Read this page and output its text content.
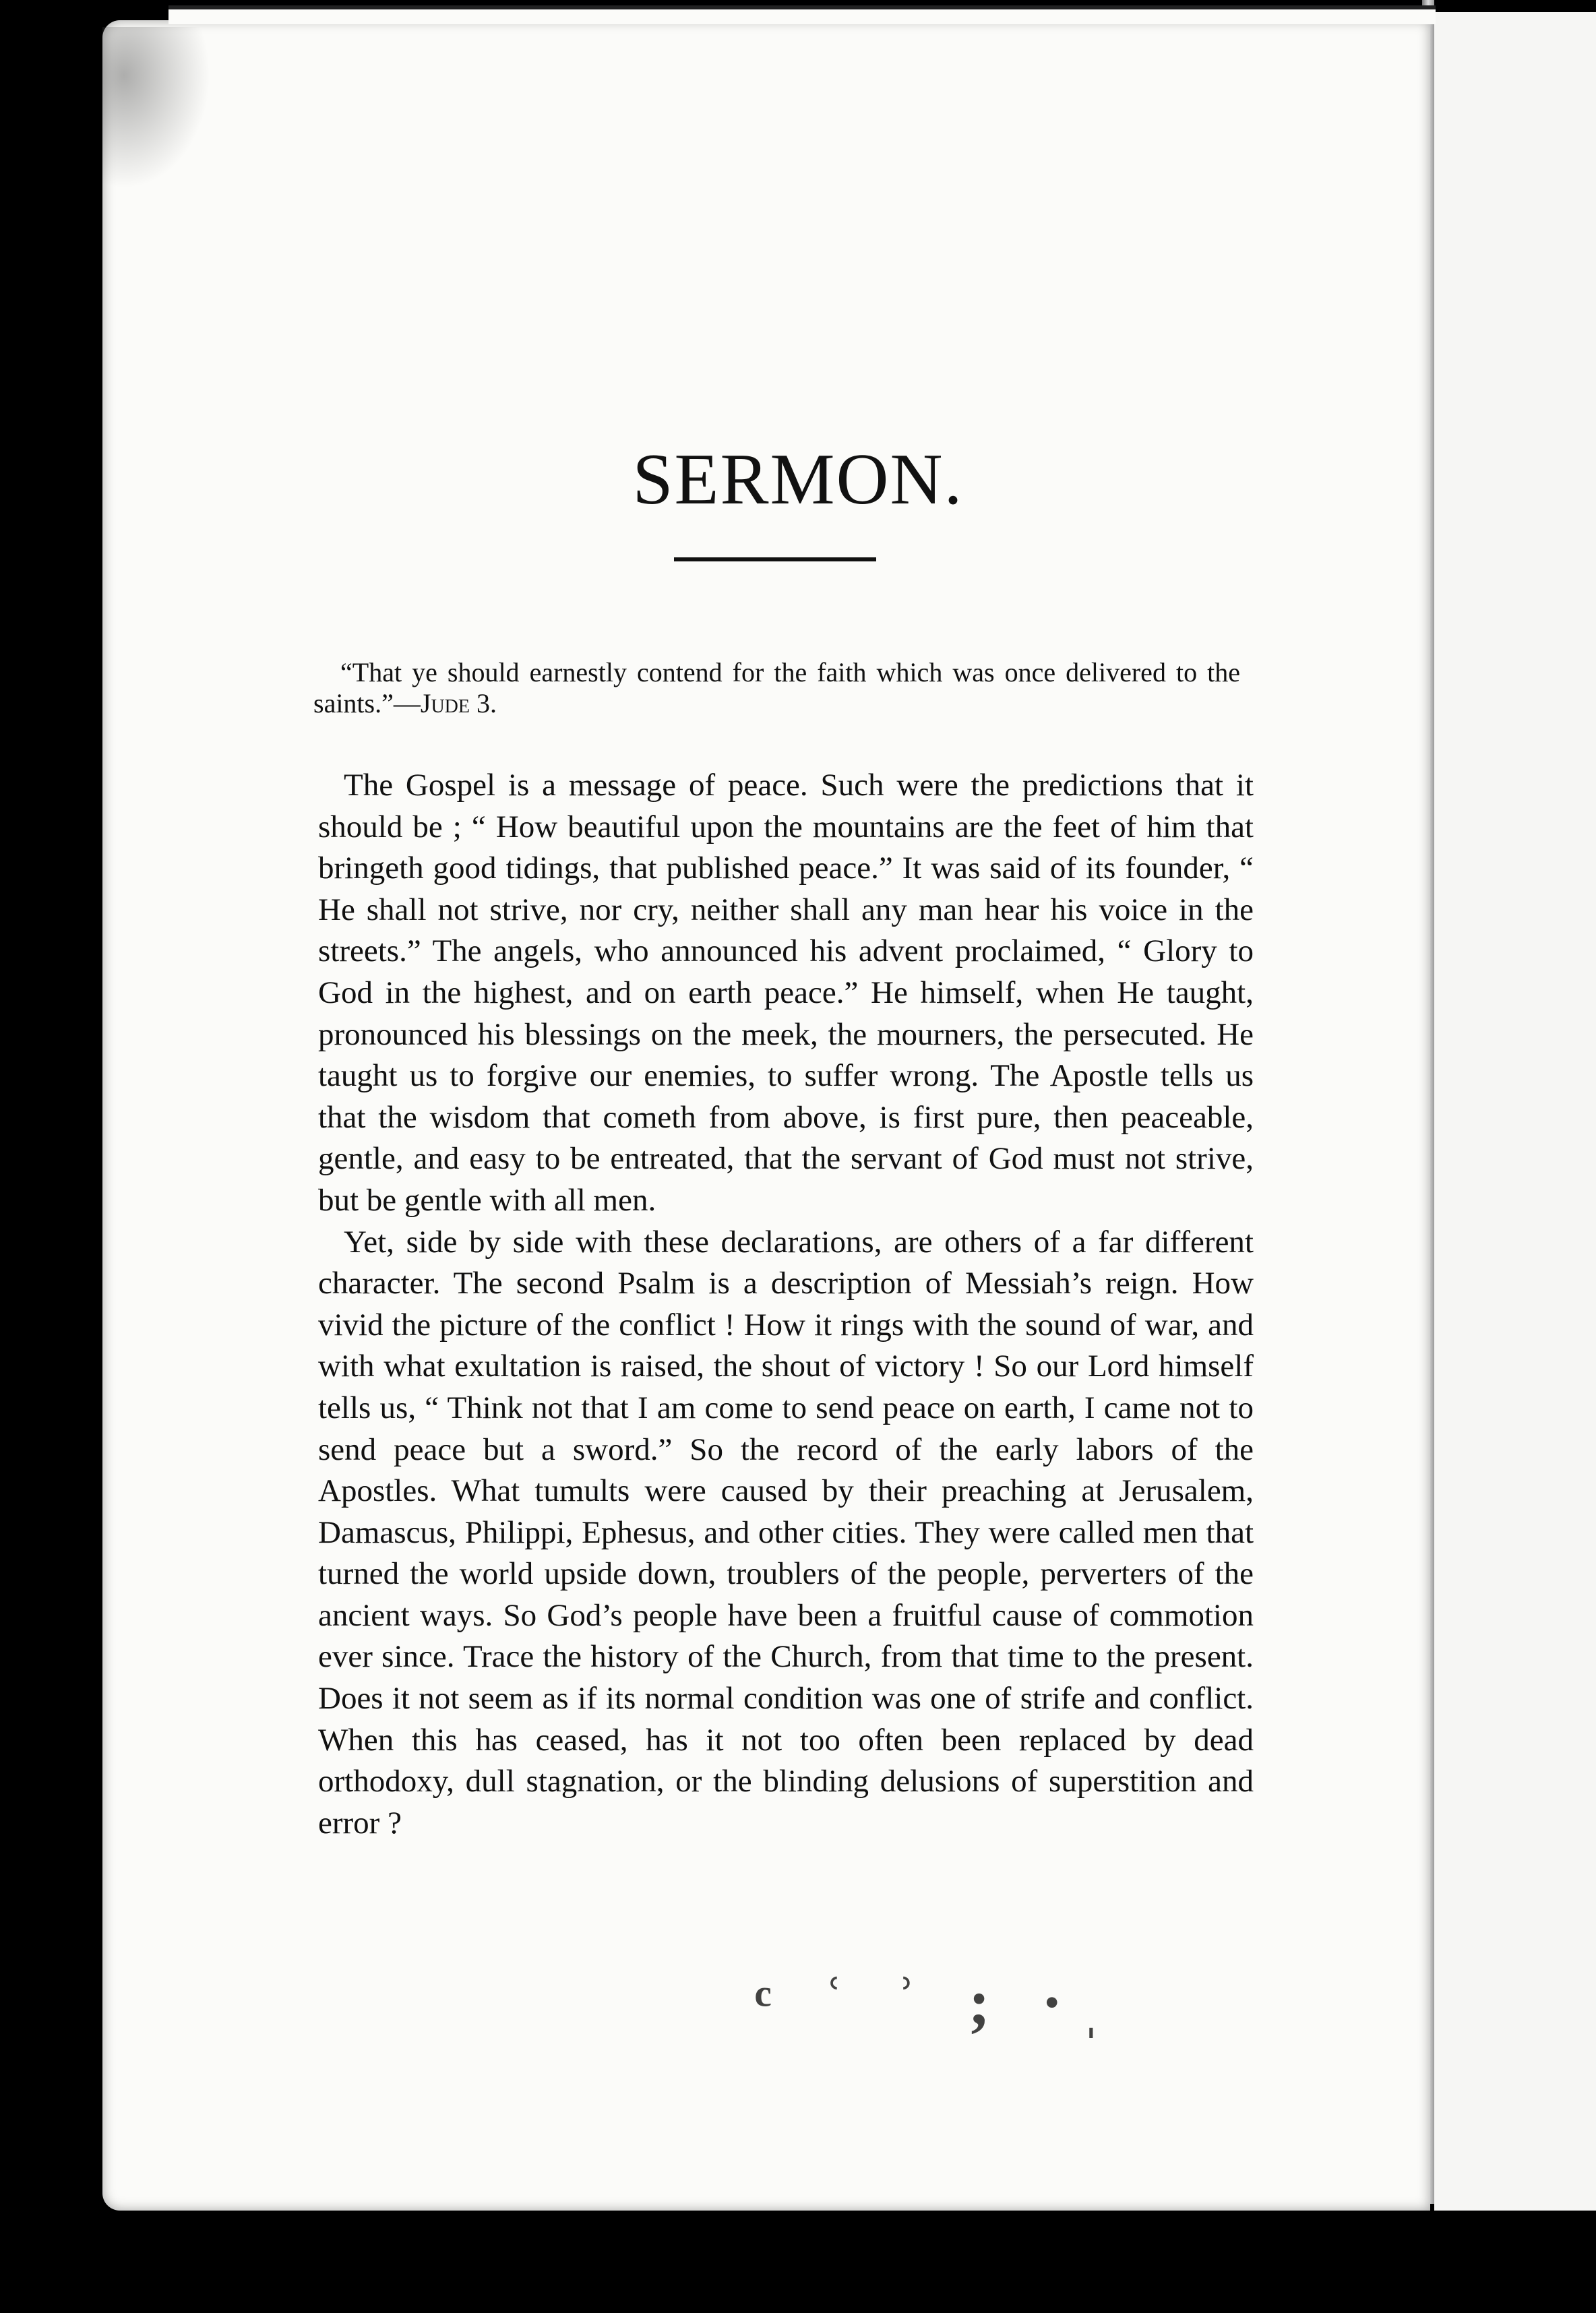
SERMON.

“That ye should earnestly contend for the faith which was once delivered to the saints.”—Jude 3.

The Gospel is a message of peace. Such were the predictions that it should be ; “ How beautiful upon the mountains are the feet of him that bringeth good tidings, that published peace.” It was said of its founder, “ He shall not strive, nor cry, neither shall any man hear his voice in the streets.” The angels, who announced his advent proclaimed, “ Glory to God in the highest, and on earth peace.” He himself, when He taught, pronounced his blessings on the meek, the mourners, the persecuted. He taught us to forgive our enemies, to suffer wrong. The Apostle tells us that the wisdom that cometh from above, is first pure, then peaceable, gentle, and easy to be entreated, that the servant of God must not strive, but be gentle with all men.

Yet, side by side with these declarations, are others of a far different character. The second Psalm is a description of Messiah’s reign. How vivid the picture of the conflict ! How it rings with the sound of war, and with what exultation is raised, the shout of victory ! So our Lord himself tells us, “ Think not that I am come to send peace on earth, I came not to send peace but a sword.” So the record of the early labors of the Apostles. What tumults were caused by their preaching at Jerusalem, Damascus, Philippi, Ephesus, and other cities. They were called men that turned the world upside down, troublers of the people, perverters of the ancient ways. So God’s people have been a fruitful cause of commotion ever since. Trace the history of the Church, from that time to the present. Does it not seem as if its normal condition was one of strife and conflict. When this has ceased, has it not too often been replaced by dead orthodoxy, dull stagnation, or the blinding delusions of superstition and error ?

ᶜ ʿ ʾ ; ·ˌ
